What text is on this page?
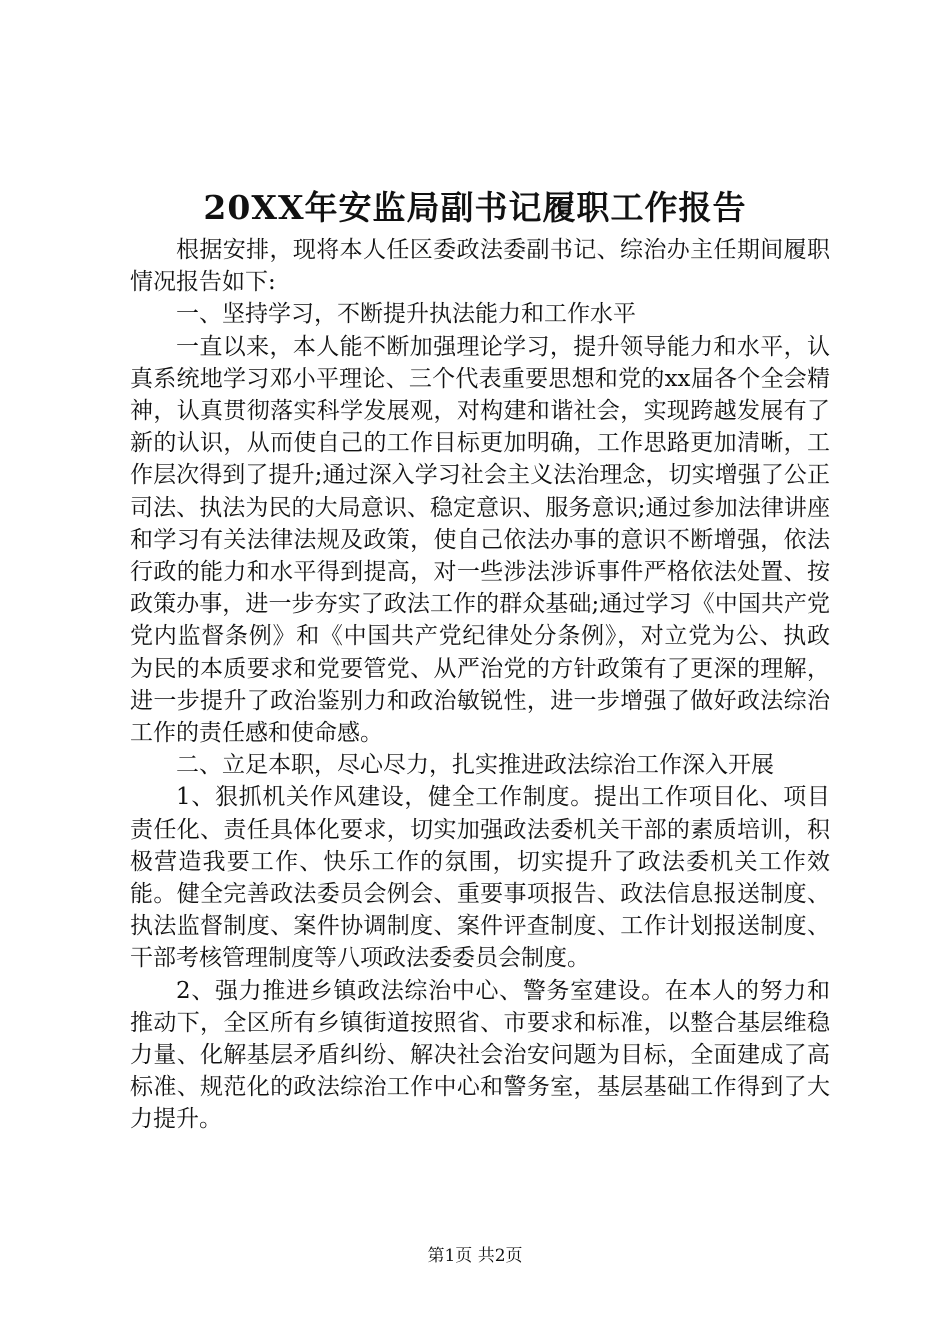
20XX年安监局副书记履职工作报告

根据安排，现将本人任区委政法委副书记、综治办主任期间履职情况报告如下:

一、坚持学习，不断提升执法能力和工作水平

一直以来，本人能不断加强理论学习，提升领导能力和水平，认真系统地学习邓小平理论、三个代表重要思想和党的xx届各个全会精神，认真贯彻落实科学发展观，对构建和谐社会，实现跨越发展有了新的认识，从而使自己的工作目标更加明确，工作思路更加清晰，工作层次得到了提升;通过深入学习社会主义法治理念，切实增强了公正司法、执法为民的大局意识、稳定意识、服务意识;通过参加法律讲座和学习有关法律法规及政策，使自己依法办事的意识不断增强，依法行政的能力和水平得到提高，对一些涉法涉诉事件严格依法处置、按政策办事，进一步夯实了政法工作的群众基础;通过学习《中国共产党党内监督条例》和《中国共产党纪律处分条例》，对立党为公、执政为民的本质要求和党要管党、从严治党的方针政策有了更深的理解，进一步提升了政治鉴别力和政治敏锐性，进一步增强了做好政法综治工作的责任感和使命感。

二、立足本职，尽心尽力，扎实推进政法综治工作深入开展

1、狠抓机关作风建设，健全工作制度。提出工作项目化、项目责任化、责任具体化要求，切实加强政法委机关干部的素质培训，积极营造我要工作、快乐工作的氛围，切实提升了政法委机关工作效能。健全完善政法委员会例会、重要事项报告、政法信息报送制度、执法监督制度、案件协调制度、案件评查制度、工作计划报送制度、干部考核管理制度等八项政法委委员会制度。

2、强力推进乡镇政法综治中心、警务室建设。在本人的努力和推动下，全区所有乡镇街道按照省、市要求和标准，以整合基层维稳力量、化解基层矛盾纠纷、解决社会治安问题为目标，全面建成了高标准、规范化的政法综治工作中心和警务室，基层基础工作得到了大力提升。

第1页 共2页
